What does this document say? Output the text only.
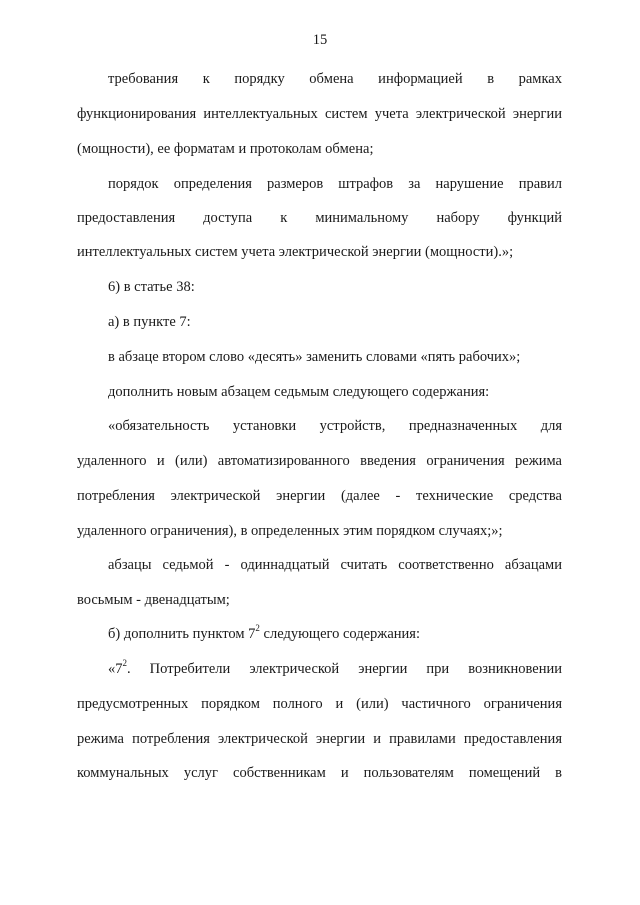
15
требования к порядку обмена информацией в рамках
функционирования интеллектуальных систем учета электрической энергии
(мощности), ее форматам и протоколам обмена;
порядок определения размеров штрафов за нарушение правил
предоставления доступа к минимальному набору функций
интеллектуальных систем учета электрической энергии (мощности).»;
6) в статье 38:
а) в пункте 7:
в абзаце втором слово «десять» заменить словами «пять рабочих»;
дополнить новым абзацем седьмым следующего содержания:
«обязательность установки устройств, предназначенных для
удаленного и (или) автоматизированного введения ограничения режима
потребления электрической энергии (далее - технические средства
удаленного ограничения), в определенных этим порядком случаях;»;
абзацы седьмой - одиннадцатый считать соответственно абзацами
восьмым - двенадцатым;
б) дополнить пунктом $7^2$ следующего содержания:
«$7^2$. Потребители электрической энергии при возникновении
предусмотренных порядком полного и (или) частичного ограничения
режима потребления электрической энергии и правилами предоставления
коммунальных услуг собственникам и пользователям помещений в
